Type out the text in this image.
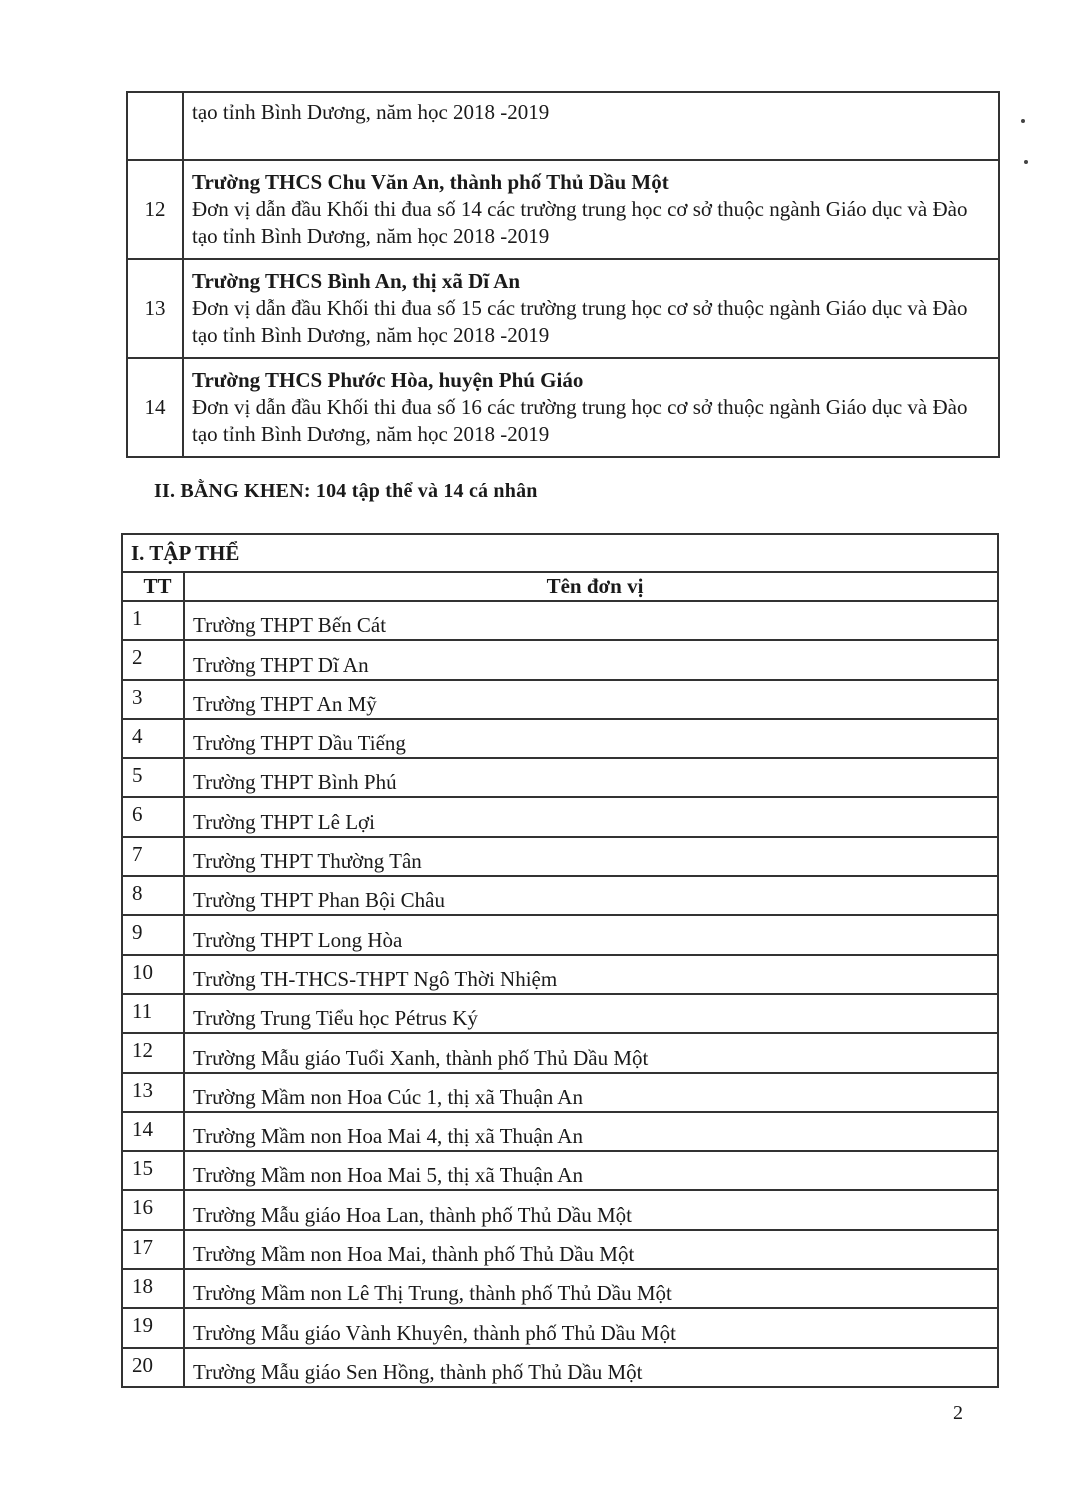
	tạo tỉnh Bình Dương, năm học 2018 -2019
12	Trường THCS Chu Văn An, thành phố Thủ Dầu Một
Đơn vị dẫn đầu Khối thi đua số 14 các trường trung học cơ sở thuộc ngành Giáo dục và Đào tạo tỉnh Bình Dương, năm học 2018 -2019

13	Trường THCS Bình An, thị xã Dĩ An
Đơn vị dẫn đầu Khối thi đua số 15 các trường trung học cơ sở thuộc ngành Giáo dục và Đào tạo tỉnh Bình Dương, năm học 2018 -2019

14	Trường THCS Phước Hòa, huyện Phú Giáo
Đơn vị dẫn đầu Khối thi đua số 16 các trường trung học cơ sở thuộc ngành Giáo dục và Đào tạo tỉnh Bình Dương, năm học 2018 -2019
II. BẰNG KHEN: 104 tập thể và 14 cá nhân
I. TẬP THỂ	
TT	Tên đơn vị
1	Trường THPT Bến Cát
2	Trường THPT Dĩ An
3	Trường THPT An Mỹ
4	Trường THPT Dầu Tiếng
5	Trường THPT Bình Phú
6	Trường THPT Lê Lợi
7	Trường THPT Thường Tân
8	Trường THPT Phan Bội Châu
9	Trường THPT Long Hòa
10	Trường TH-THCS-THPT Ngô Thời Nhiệm
11	Trường Trung Tiểu học Pétrus Ký
12	Trường Mẫu giáo Tuổi Xanh, thành phố Thủ Dầu Một
13	Trường Mầm non Hoa Cúc 1, thị xã Thuận An
14	Trường Mầm non Hoa Mai 4, thị xã Thuận An
15	Trường Mầm non Hoa Mai 5, thị xã Thuận An
16	Trường Mẫu giáo Hoa Lan, thành phố Thủ Dầu Một
17	Trường Mầm non Hoa Mai, thành phố Thủ Dầu Một
18	Trường Mầm non Lê Thị Trung, thành phố Thủ Dầu Một
19	Trường Mẫu giáo Vành Khuyên, thành phố Thủ Dầu Một
20	Trường Mẫu giáo Sen Hồng, thành phố Thủ Dầu Một
2
